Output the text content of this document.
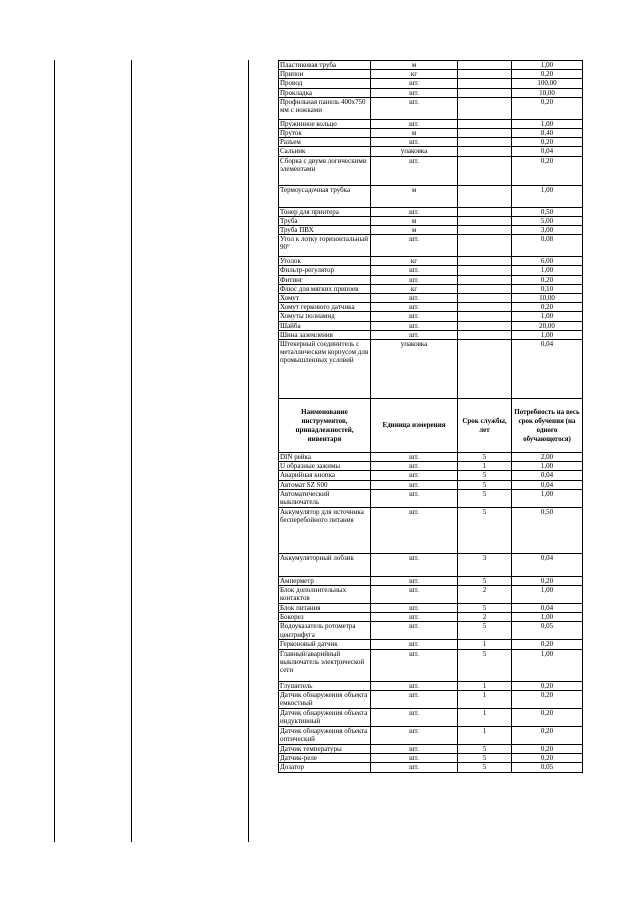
Пластиковая труба	м		1,00
Припои	кг		0,20
Провод	шт.		100,00
Прокладка	шт.		10,00
Профильная панель 400х750 мм с ножками	шт.		0,20
Пружинное кольцо	шт.		1,00
Пруток	м		8,40
Разъем	шт.		0,20
Сальник	упаковка		0,04
Сборка с двумя логическими элементами	шт.		0,20
Термоусадочная трубка	м		1,00
Тонер для принтера	шт.		0,50
Труба	м		5,00
Труба ПВХ	м		3,00
Угол к лотку горизонтальный 90°	шт.		0,08
Уголок	кг		6,00
Фильтр-регулятор	шт.		1,00
Фитинг	шт.		0,20
Флюс для мягких припоев	кг		0,10
Хомут	шт.		10,00
Хомут геркового датчика	шт.		0,20
Хомуты полиамид	шт.		1,00
Шайба	шт.		20,00
Шина заземления	шт.		1,00
Штекерный соединитель с металлическим корпусом для промышленных условий	упаковка		0,04
Наименование инструментов, принадлежностей, инвентаря	Единица измерения	Срок службы, лет	Потребность на весь срок обучения (на одного обучающегося)
DIN рейка	шт.	5	2,00
U образные зажимы	шт.	1	1,00
Аварийная кнопка	шт.	5	0,04
Автомат SZ S00	шт.	5	0,04
Автоматический выключатель	шт.	5	1,00
Аккумулятор для источника бесперебойного питания	шт.	5	0,50
Аккумуляторный лобзик	шт.	3	0,04
Амперметр	шт.	5	0,20
Блок дополнительных контактов	шт.	2	1,00
Блок питания	шт.	5	0,04
Бокорез	шт.	2	1,00
Водоуказатель ротометра центрифуга	шт.	5	0,05
Герконовый датчик	шт.	1	0,20
Главный/аварийный выключатель электрической сети	шт.	5	1,00
Глушитель	шт.	1	0,20
Датчик обнаружения объекта емкостный	шт.	1	0,20
Датчик обнаружения объекта индуктивный	шт.	1	0,20
Датчик обнаружения объекта оптический	шт.	1	0,20
Датчик температуры	шт.	5	0,20
Датчик-реле	шт.	5	0,20
Дозатор	шт.	5	0,05
